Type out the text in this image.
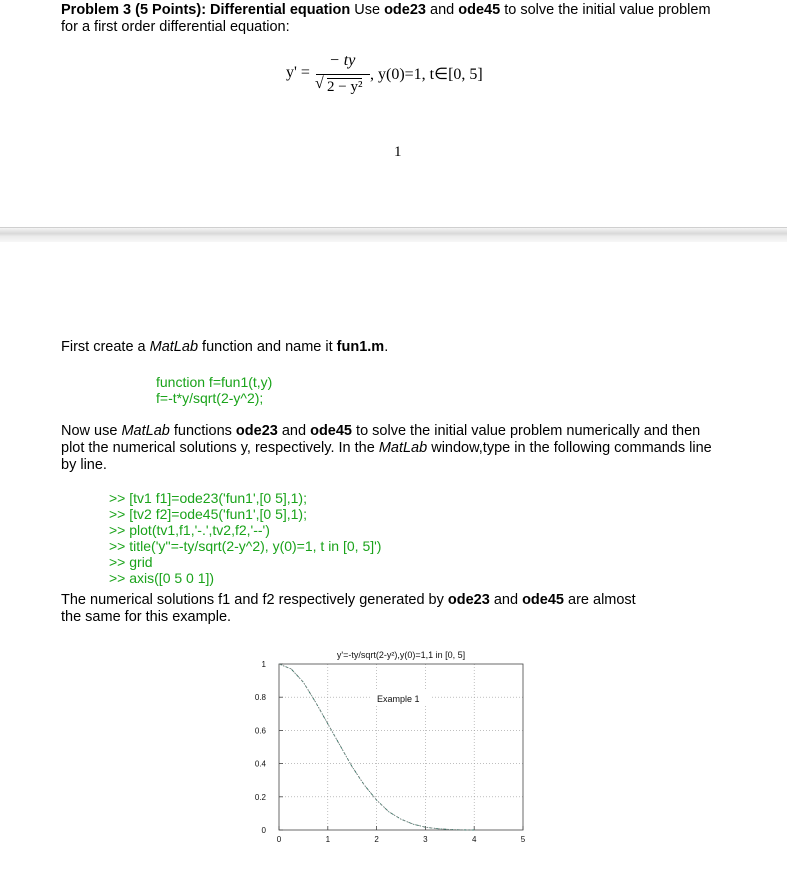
Problem 3 (5 Points): Differential equation Use ode23 and ode45 to solve the initial value problem
for a first order differential equation:
y' =
− ty
√ 2 − y²
, y(0)=1, t∈[0, 5]
1
First create a MatLab function and name it fun1.m.
function f=fun1(t,y)
f=-t*y/sqrt(2-y^2);
Now use MatLab functions ode23 and ode45 to solve the initial value problem numerically and then
plot the numerical solutions y, respectively. In the MatLab window,type in the following commands line
by line.
>> [tv1 f1]=ode23('fun1',[0 5],1);
>> [tv2 f2]=ode45('fun1',[0 5],1);
>> plot(tv1,f1,'-.',tv2,f2,'--')
>> title('y''=-ty/sqrt(2-y^2), y(0)=1, t in [0, 5]')
>> grid
>> axis([0 5 0 1])
The numerical solutions f1 and f2 respectively generated by ode23 and ode45 are almost
the same for this example.
y'=-ty/sqrt(2-y²),y(0)=1,1 in [0, 5]
0
0.2
0.4
0.6
0.8
1
0	1	2	3	4	5
Example 1
